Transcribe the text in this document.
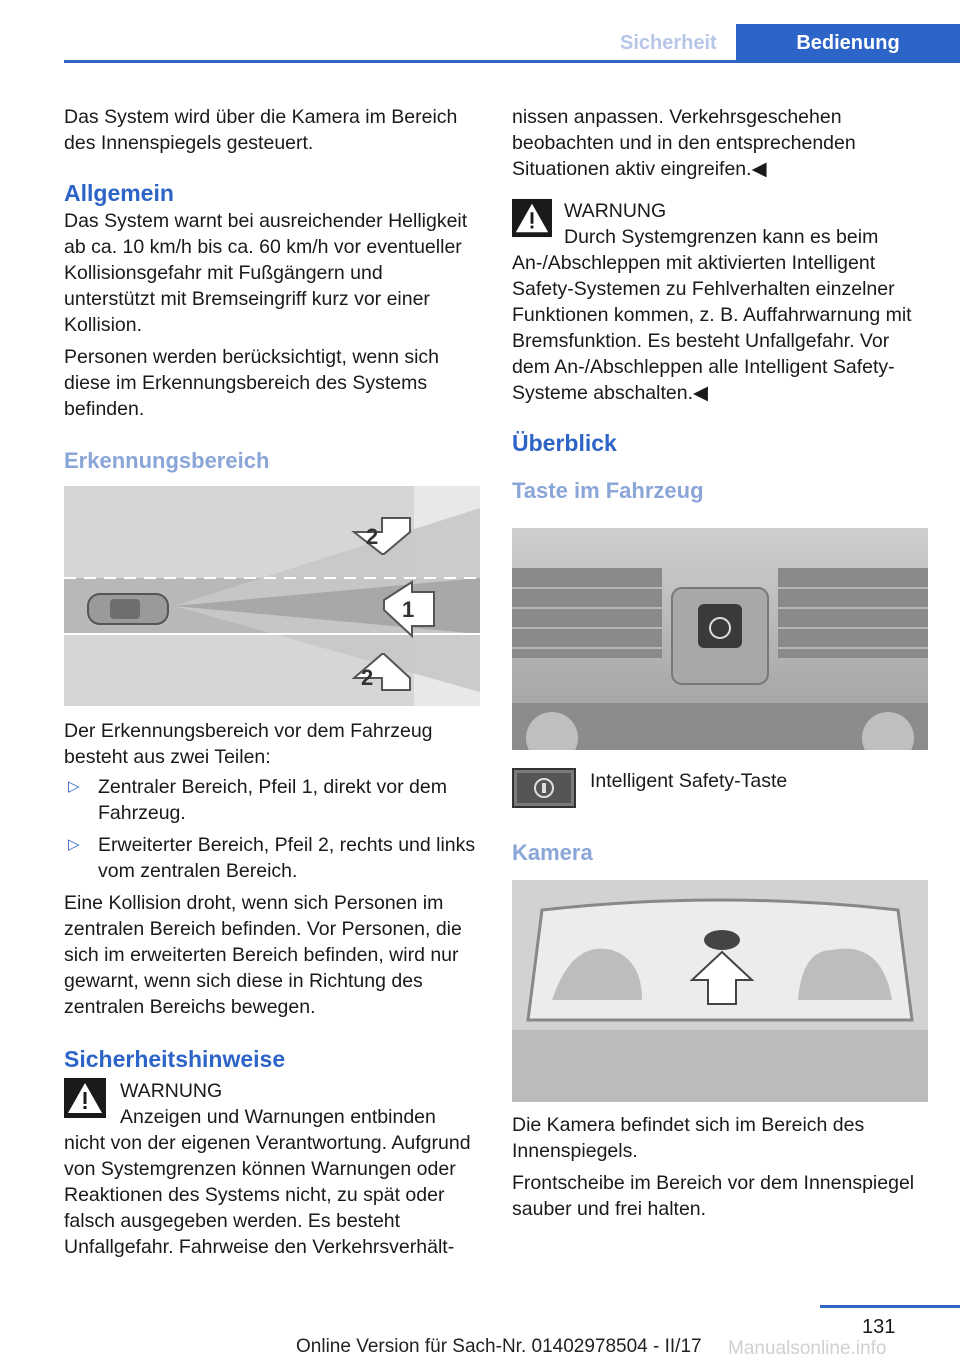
Sicherheit	Bedienung

Das System wird über die Kamera im Bereich des Innenspiegels gesteuert.

Allgemein

Das System warnt bei ausreichender Helligkeit ab ca. 10 km/h bis ca. 60 km/h vor eventueller Kollisionsgefahr mit Fußgängern und unterstützt mit Bremseingriff kurz vor einer Kollision.

Personen werden berücksichtigt, wenn sich diese im Erkennungsbereich des Systems befinden.

Erkennungsbereich

2
1
2

Der Erkennungsbereich vor dem Fahrzeug besteht aus zwei Teilen:

▷ Zentraler Bereich, Pfeil 1, direkt vor dem Fahrzeug.
▷ Erweiterter Bereich, Pfeil 2, rechts und links vom zentralen Bereich.

Eine Kollision droht, wenn sich Personen im zentralen Bereich befinden. Vor Personen, die sich im erweiterten Bereich befinden, wird nur gewarnt, wenn sich diese in Richtung des zentralen Bereichs bewegen.

Sicherheitshinweise

WARNUNG

Anzeigen und Warnungen entbinden nicht von der eigenen Verantwortung. Aufgrund von Systemgrenzen können Warnungen oder Reaktionen des Systems nicht, zu spät oder falsch ausgegeben werden. Es besteht Unfallgefahr. Fahrweise den Verkehrsverhält-

nissen anpassen. Verkehrsgeschehen beobachten und in den entsprechenden Situationen aktiv eingreifen.◀

WARNUNG

Durch Systemgrenzen kann es beim An-/Abschleppen mit aktivierten Intelligent Safety-Systemen zu Fehlverhalten einzelner Funktionen kommen, z. B. Auffahrwarnung mit Bremsfunktion. Es besteht Unfallgefahr. Vor dem An-/Abschleppen alle Intelligent Safety-Systeme abschalten.◀

Überblick

Taste im Fahrzeug

Intelligent Safety-Taste

Kamera

Die Kamera befindet sich im Bereich des Innenspiegels.

Frontscheibe im Bereich vor dem Innenspiegel sauber und frei halten.

131
Online Version für Sach-Nr. 01402978504 - II/17 Manualsonline.info
